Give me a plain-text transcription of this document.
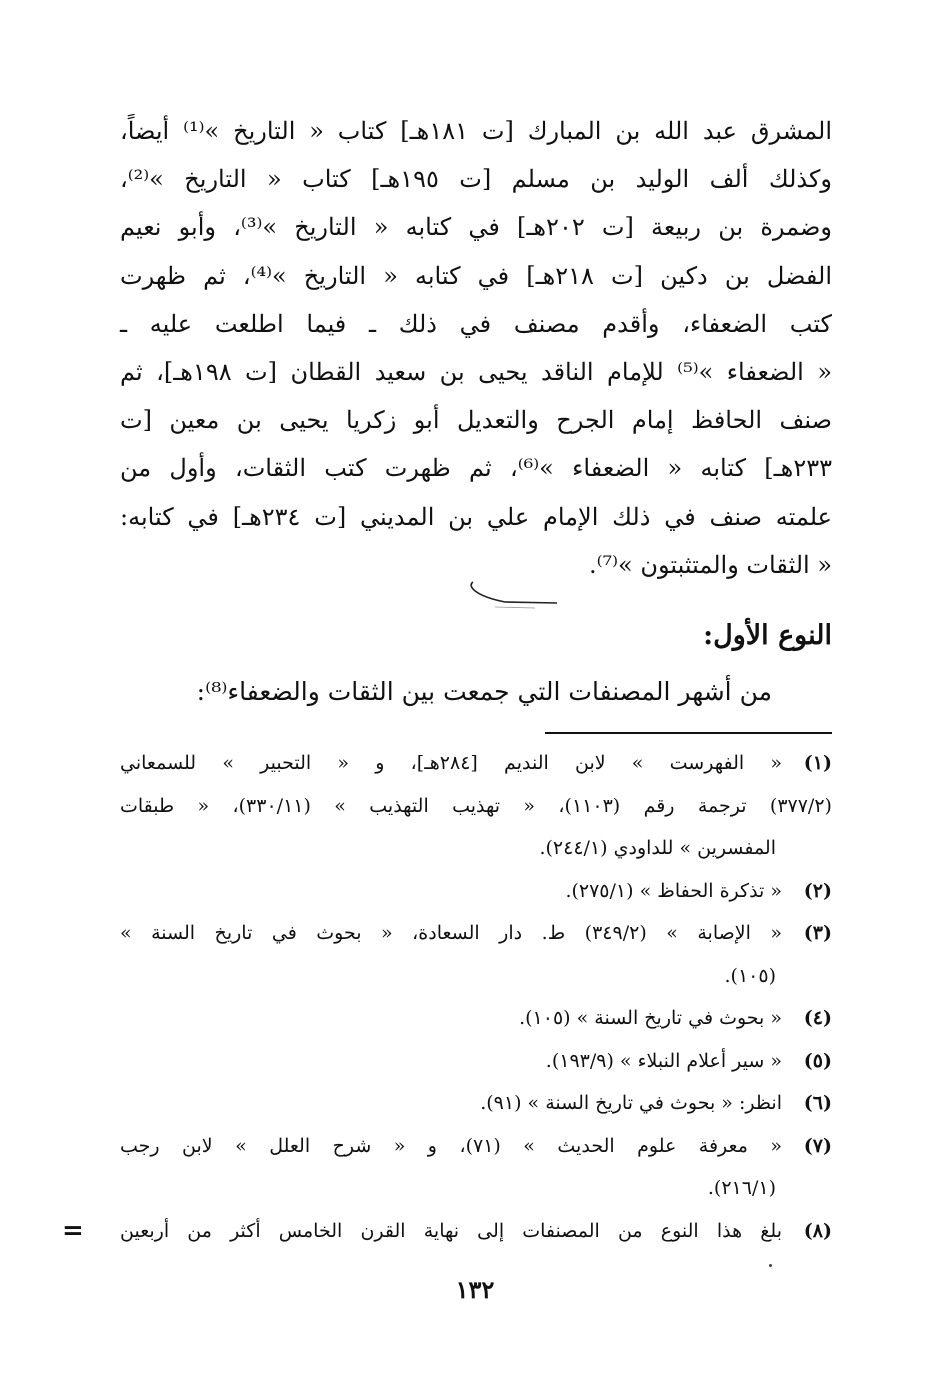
المشرق عبد الله بن المبارك [ت ١٨١هـ] كتاب « التاريخ »⁽¹⁾ أيضاً،
وكذلك ألف الوليد بن مسلم [ت ١٩٥هـ] كتاب « التاريخ »⁽²⁾،
وضمرة بن ربيعة [ت ٢٠٢هـ] في كتابه « التاريخ »⁽³⁾، وأبو نعيم
الفضل بن دكين [ت ٢١٨هـ] في كتابه « التاريخ »⁽⁴⁾، ثم ظهرت
كتب الضعفاء، وأقدم مصنف في ذلك ـ فيما اطلعت عليه ـ
« الضعفاء »⁽⁵⁾ للإمام الناقد يحيى بن سعيد القطان [ت ١٩٨هـ]، ثم
صنف الحافظ إمام الجرح والتعديل أبو زكريا يحيى بن معين [ت
٢٣٣هـ] كتابه « الضعفاء »⁽⁶⁾، ثم ظهرت كتب الثقات، وأول من
علمته صنف في ذلك الإمام علي بن المديني [ت ٢٣٤هـ] في كتابه:
« الثقات والمتثبتون »⁽⁷⁾.
النوع الأول:
من أشهر المصنفات التي جمعت بين الثقات والضعفاء⁽⁸⁾:
(١)« الفهرست » لابن النديم [٢٨٤هـ]، و « التحبير » للسمعاني
(٣٧٧/٢) ترجمة رقم (١١٠٣)، « تهذيب التهذيب » (٣٣٠/١١)، « طبقات
المفسرين » للداودي (٢٤٤/١).
(٢)« تذكرة الحفاظ » (٢٧٥/١).
(٣)« الإصابة » (٣٤٩/٢) ط. دار السعادة، « بحوث في تاريخ السنة »
(١٠٥).
(٤)« بحوث في تاريخ السنة » (١٠٥).
(٥)« سير أعلام النبلاء » (١٩٣/٩).
(٦)انظر: « بحوث في تاريخ السنة » (٩١).
(٧)« معرفة علوم الحديث » (٧١)، و « شرح العلل » لابن رجب
(٢١٦/١).
(٨)بلغ هذا النوع من المصنفات إلى نهاية القرن الخامس أكثر من أربعين
=
١٣٢
